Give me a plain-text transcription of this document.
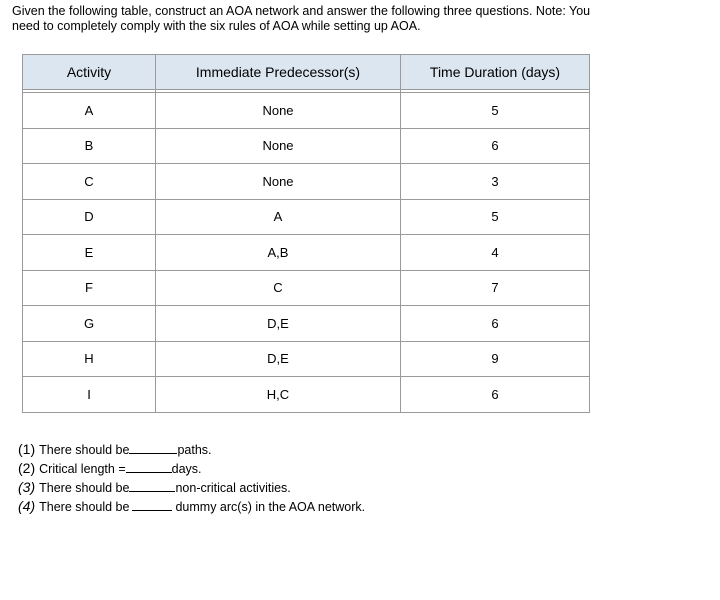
Given the following table, construct an AOA network and answer the following three questions. Note: You
need to completely comply with the six rules of AOA while setting up AOA.
Activity	Immediate Predecessor(s)	Time Duration (days)

A	None	5
B	None	6
C	None	3
D	A	5
E	A,B	4
F	C	7
G	D,E	6
H	D,E	9
I	H,C	6
(1) There should be	paths.
(2) Critical length =	days.
(3) There should be	non-critical activities.
(4) There should be	dummy arc(s) in the AOA network.
